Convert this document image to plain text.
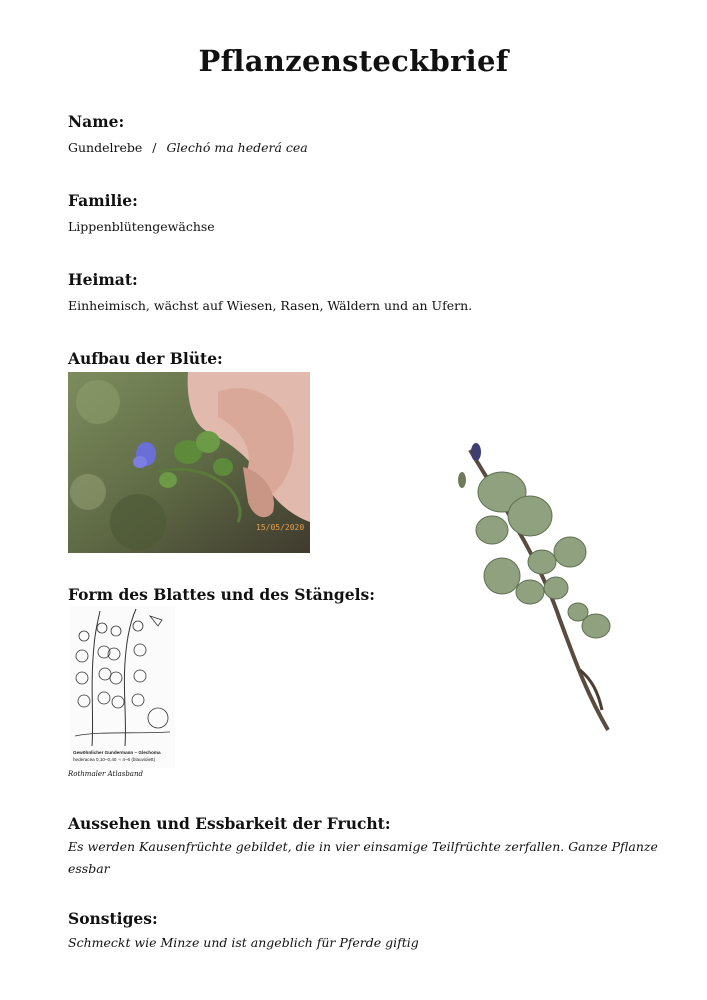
Pflanzensteckbrief
Name:
Gundelrebe / Glechó ma hederá cea
Familie:
Lippenblütengewächse
Heimat:
Einheimisch, wächst auf Wiesen, Rasen, Wäldern und an Ufern.
Aufbau der Blüte:
15/05/2020
Form des Blattes und des Stängels:
Gewöhnlicher Gundermann – Glechoma
hederacea 0,10–0,40 ♃ 4–6 (blauviolett)
Rothmaler Atlasband
Aussehen und Essbarkeit der Frucht:
Es werden Kausenfrüchte gebildet, die in vier einsamige Teilfrüchte zerfallen. Ganze Pflanze
essbar
Sonstiges:
Schmeckt wie Minze und ist angeblich für Pferde giftig
